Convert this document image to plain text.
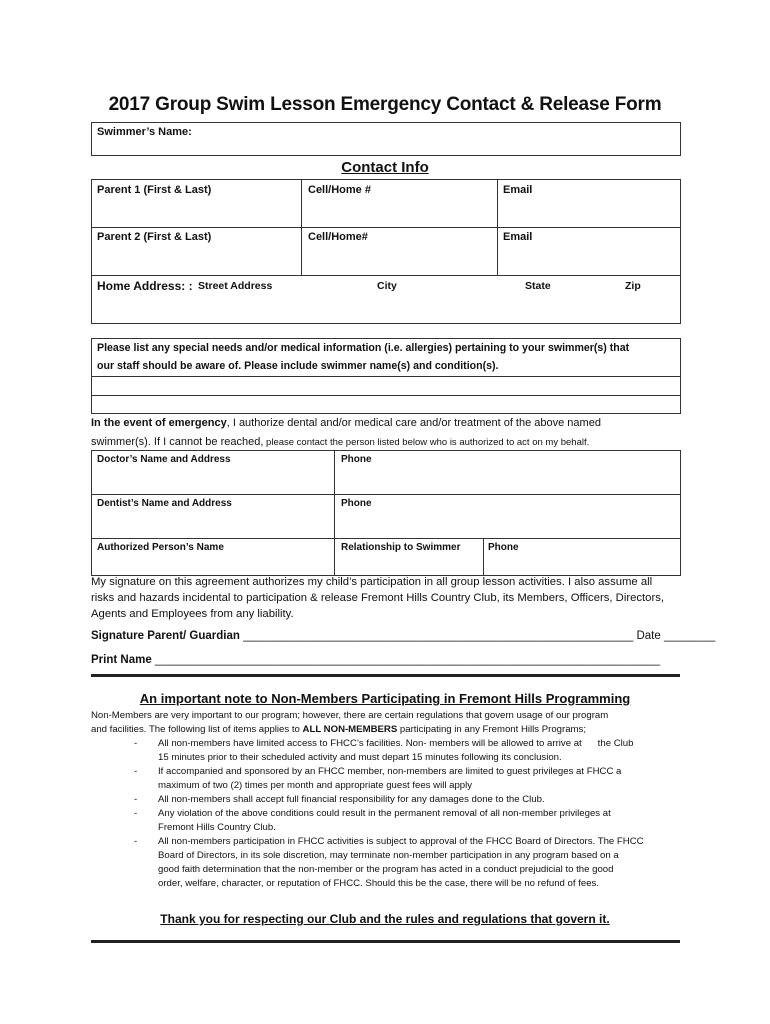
2017 Group Swim Lesson Emergency Contact & Release Form
Swimmer’s Name:
Contact Info
Parent 1 (First & Last)	Cell/Home #	Email
Parent 2 (First & Last)	Cell/Home#	Email
Home Address: : Street Address	City	State	Zip
Please list any special needs and/or medical information (i.e. allergies) pertaining to your swimmer(s) that
our staff should be aware of. Please include swimmer name(s) and condition(s).
In the event of emergency, I authorize dental and/or medical care and/or treatment of the above named
swimmer(s). If I cannot be reached, please contact the person listed below who is authorized to act on my behalf.
Doctor’s Name and Address	Phone
Dentist’s Name and Address	Phone
Authorized Person’s Name	Relationship to Swimmer	Phone
My signature on this agreement authorizes my child’s participation in all group lesson activities. I also assume all
risks and hazards incidental to participation & release Fremont Hills Country Club, its Members, Officers, Directors,
Agents and Employees from any liability.
Signature Parent/ Guardian _____________________________________________________________ Date ________
Print Name _______________________________________________________________________________
An important note to Non-Members Participating in Fremont Hills Programming
Non-Members are very important to our program; however, there are certain regulations that govern usage of our program
and facilities. The following list of items applies to ALL NON-MEMBERS participating in any Fremont Hills Programs;
- All non-members have limited access to FHCC’s facilities. Non- members will be allowed to arrive at      the Club
15 minutes prior to their scheduled activity and must depart 15 minutes following its conclusion.
- If accompanied and sponsored by an FHCC member, non-members are limited to guest privileges at FHCC a
maximum of two (2) times per month and appropriate guest fees will apply
- All non-members shall accept full financial responsibility for any damages done to the Club.
- Any violation of the above conditions could result in the permanent removal of all non-member privileges at
Fremont Hills Country Club.
- All non-members participation in FHCC activities is subject to approval of the FHCC Board of Directors. The FHCC
Board of Directors, in its sole discretion, may terminate non-member participation in any program based on a
good faith determination that the non-member or the program has acted in a conduct prejudicial to the good
order, welfare, character, or reputation of FHCC. Should this be the case, there will be no refund of fees.
Thank you for respecting our Club and the rules and regulations that govern it.
